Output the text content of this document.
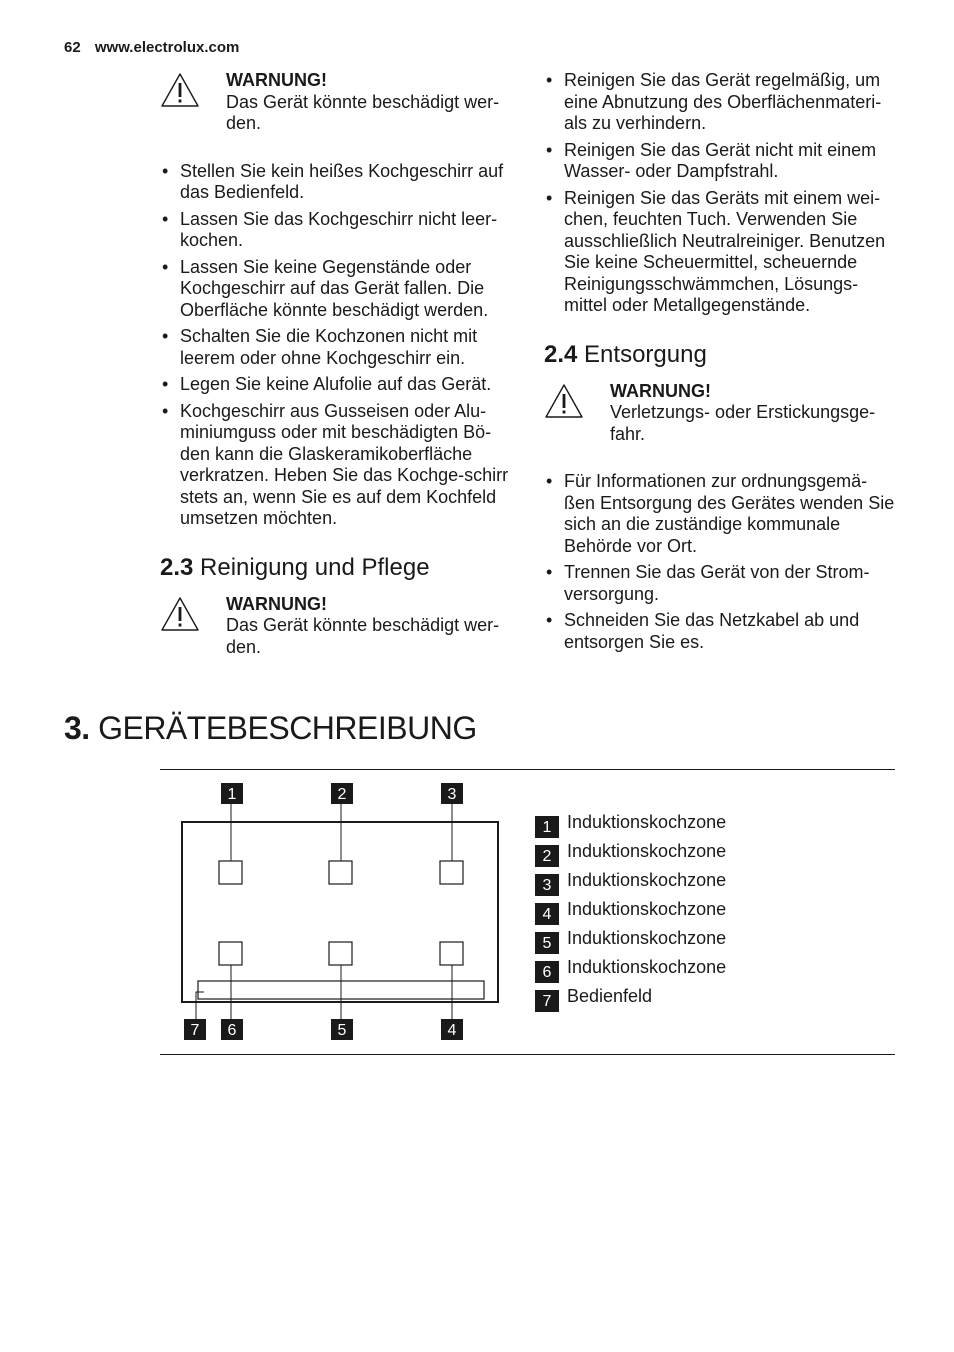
62 www.electrolux.com
WARNUNG!
Das Gerät könnte beschädigt wer-den.
• Stellen Sie kein heißes Kochgeschirr auf das Bedienfeld.
• Lassen Sie das Kochgeschirr nicht leer-kochen.
• Lassen Sie keine Gegenstände oder Kochgeschirr auf das Gerät fallen. Die Oberfläche könnte beschädigt werden.
• Schalten Sie die Kochzonen nicht mit leerem oder ohne Kochgeschirr ein.
• Legen Sie keine Alufolie auf das Gerät.
• Kochgeschirr aus Gusseisen oder Alu-miniumguss oder mit beschädigten Bö-den kann die Glaskeramikoberfläche verkratzen. Heben Sie das Kochge-schirr stets an, wenn Sie es auf dem Kochfeld umsetzen möchten.
2.3 Reinigung und Pflege
WARNUNG!
Das Gerät könnte beschädigt wer-den.
• Reinigen Sie das Gerät regelmäßig, um eine Abnutzung des Oberflächenmateri-als zu verhindern.
• Reinigen Sie das Gerät nicht mit einem Wasser- oder Dampfstrahl.
• Reinigen Sie das Geräts mit einem wei-chen, feuchten Tuch. Verwenden Sie ausschließlich Neutralreiniger. Benutzen Sie keine Scheuermittel, scheuernde Reinigungsschwämmchen, Lösungs-mittel oder Metallgegenstände.
2.4 Entsorgung
WARNUNG!
Verletzungs- oder Erstickungsge-fahr.
• Für Informationen zur ordnungsgemä-ßen Entsorgung des Gerätes wenden Sie sich an die zuständige kommunale Behörde vor Ort.
• Trennen Sie das Gerät von der Strom-versorgung.
• Schneiden Sie das Netzkabel ab und entsorgen Sie es.
3. GERÄTEBESCHREIBUNG
1	2	3
7 6	5	4
1 Induktionskochzone
2 Induktionskochzone
3 Induktionskochzone
4 Induktionskochzone
5 Induktionskochzone
6 Induktionskochzone
7 Bedienfeld
